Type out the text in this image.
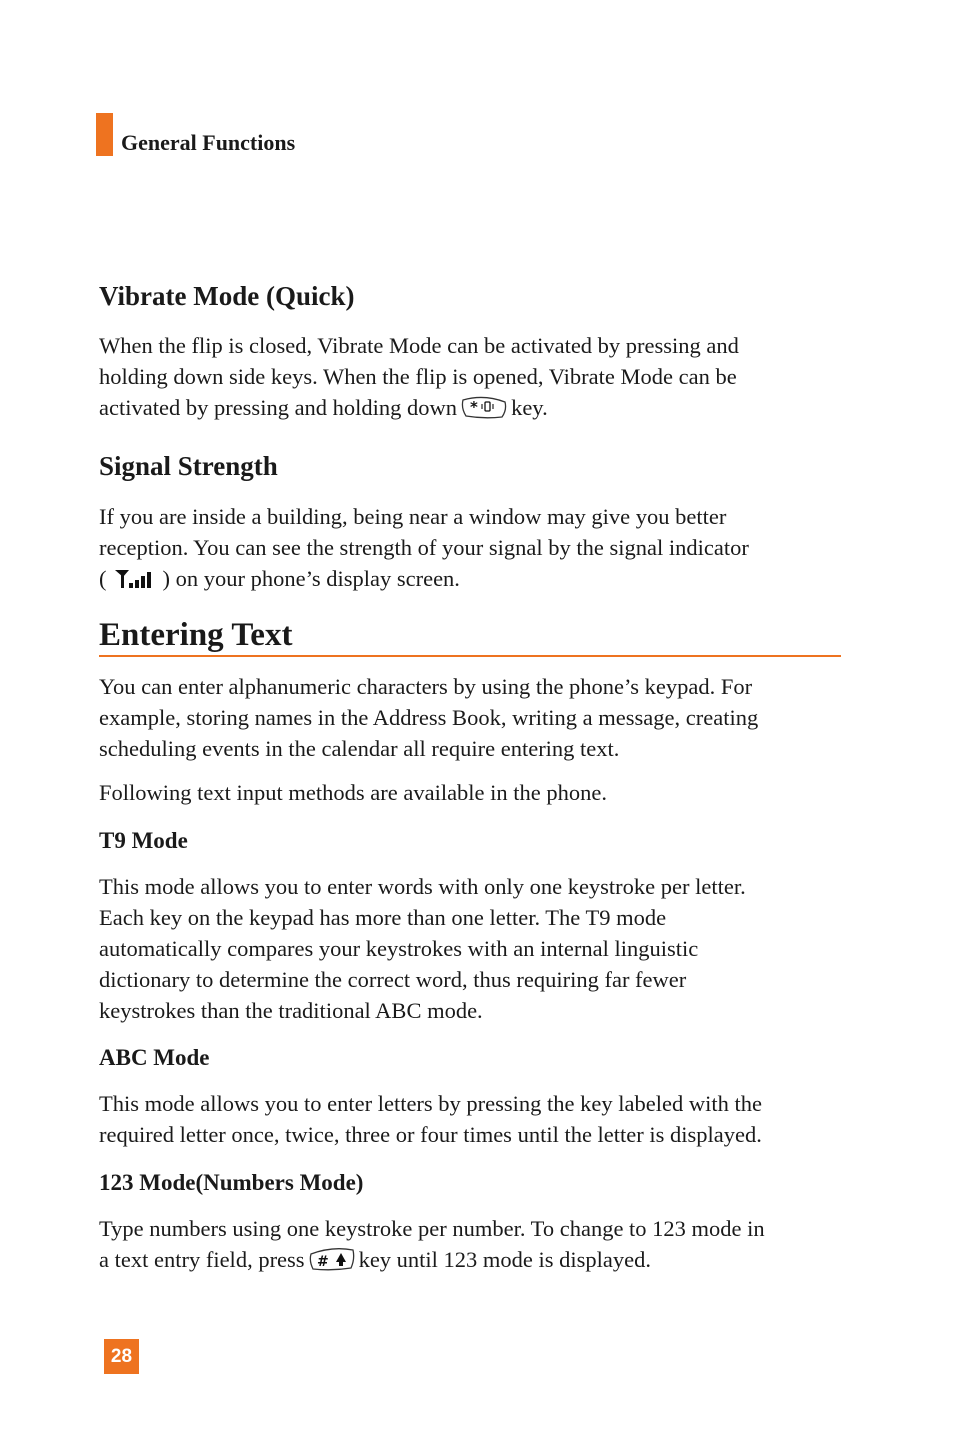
General Functions
Vibrate Mode (Quick)
When the flip is closed, Vibrate Mode can be activated by pressing and
holding down side keys. When the flip is opened, Vibrate Mode can be
activated by pressing and holding down * key.
Signal Strength
If you are inside a building, being near a window may give you better
reception. You can see the strength of your signal by the signal indicator
( ) on your phone’s display screen.
Entering Text
You can enter alphanumeric characters by using the phone’s keypad. For
example, storing names in the Address Book, writing a message, creating
scheduling events in the calendar all require entering text.
Following text input methods are available in the phone.
T9 Mode
This mode allows you to enter words with only one keystroke per letter.
Each key on the keypad has more than one letter. The T9 mode
automatically compares your keystrokes with an internal linguistic
dictionary to determine the correct word, thus requiring far fewer
keystrokes than the traditional ABC mode.
ABC Mode
This mode allows you to enter letters by pressing the key labeled with the
required letter once, twice, three or four times until the letter is displayed.
123 Mode(Numbers Mode)
Type numbers using one keystroke per number. To change to 123 mode in
a text entry field, press # key until 123 mode is displayed.
28
